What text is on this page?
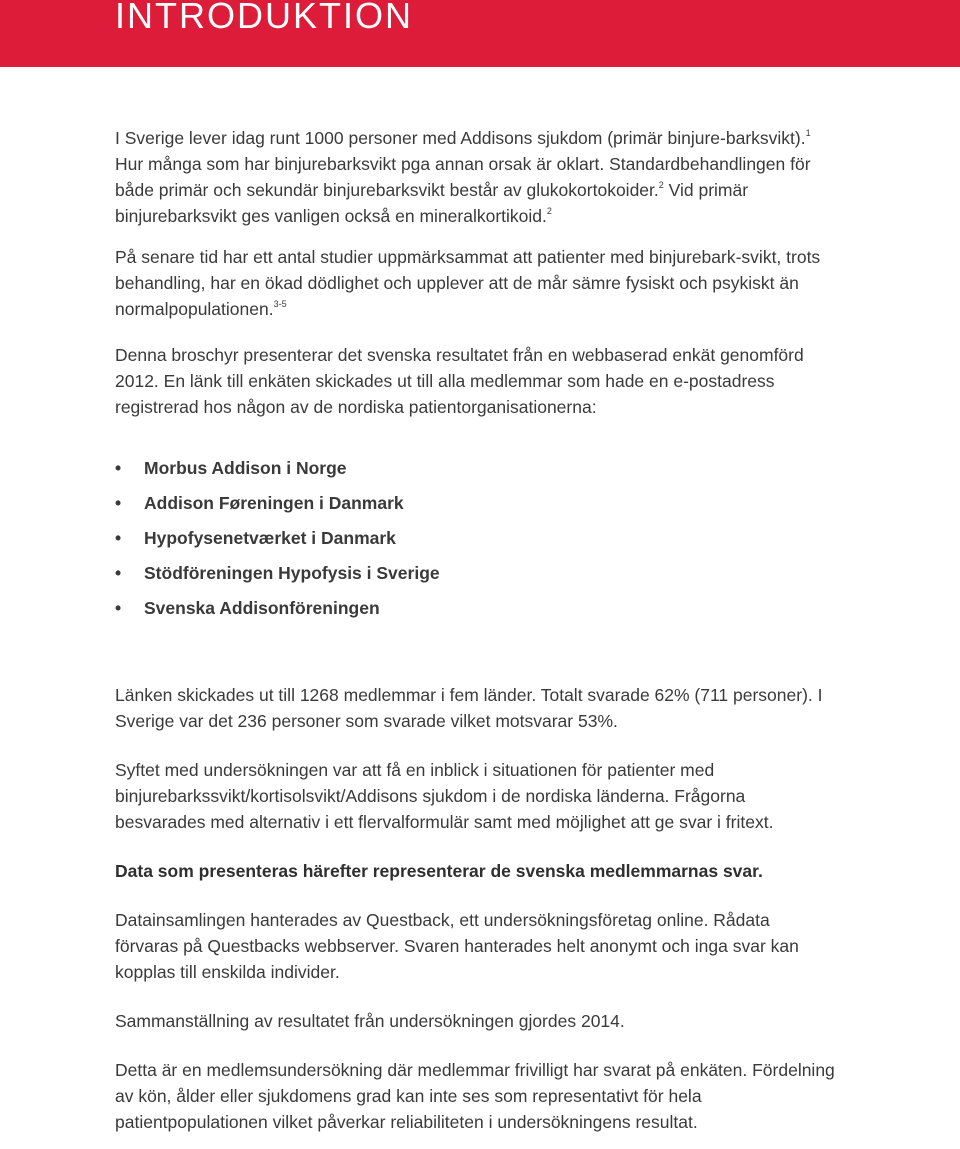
INTRODUKTION

I Sverige lever idag runt 1000 personer med Addisons sjukdom (primär binjure-barksvikt).$^1$ Hur många som har binjurebarksvikt pga annan orsak är oklart. Standardbehandlingen för både primär och sekundär binjurebarksvikt består av glukokortokoider.$^2$ Vid primär binjurebarksvikt ges vanligen också en mineralkortikoid.$^2$

På senare tid har ett antal studier uppmärksammat att patienter med binjurebark-svikt, trots behandling, har en ökad dödlighet och upplever att de mår sämre fysiskt och psykiskt än normalpopulationen.$^{3-5}$

Denna broschyr presenterar det svenska resultatet från en webbaserad enkät genomförd 2012. En länk till enkäten skickades ut till alla medlemmar som hade en e-postadress registrerad hos någon av de nordiska patientorganisationerna:

• Morbus Addison i Norge
• Addison Føreningen i Danmark
• Hypofysenetværket i Danmark
• Stödföreningen Hypofysis i Sverige
• Svenska Addisonföreningen

Länken skickades ut till 1268 medlemmar i fem länder. Totalt svarade 62% (711 personer). I Sverige var det 236 personer som svarade vilket motsvarar 53%.

Syftet med undersökningen var att få en inblick i situationen för patienter med binjurebarkssvikt/kortisolsvikt/Addisons sjukdom i de nordiska länderna. Frågorna besvarades med alternativ i ett flervalformulär samt med möjlighet att ge svar i fritext.

Data som presenteras härefter representerar de svenska medlemmarnas svar.

Datainsamlingen hanterades av Questback, ett undersökningsföretag online. Rådata förvaras på Questbacks webbserver. Svaren hanterades helt anonymt och inga svar kan kopplas till enskilda individer.

Sammanställning av resultatet från undersökningen gjordes 2014.

Detta är en medlemsundersökning där medlemmar frivilligt har svarat på enkäten. Fördelning av kön, ålder eller sjukdomens grad kan inte ses som representativt för hela patientpopulationen vilket påverkar reliabiliteten i undersökningens resultat.
